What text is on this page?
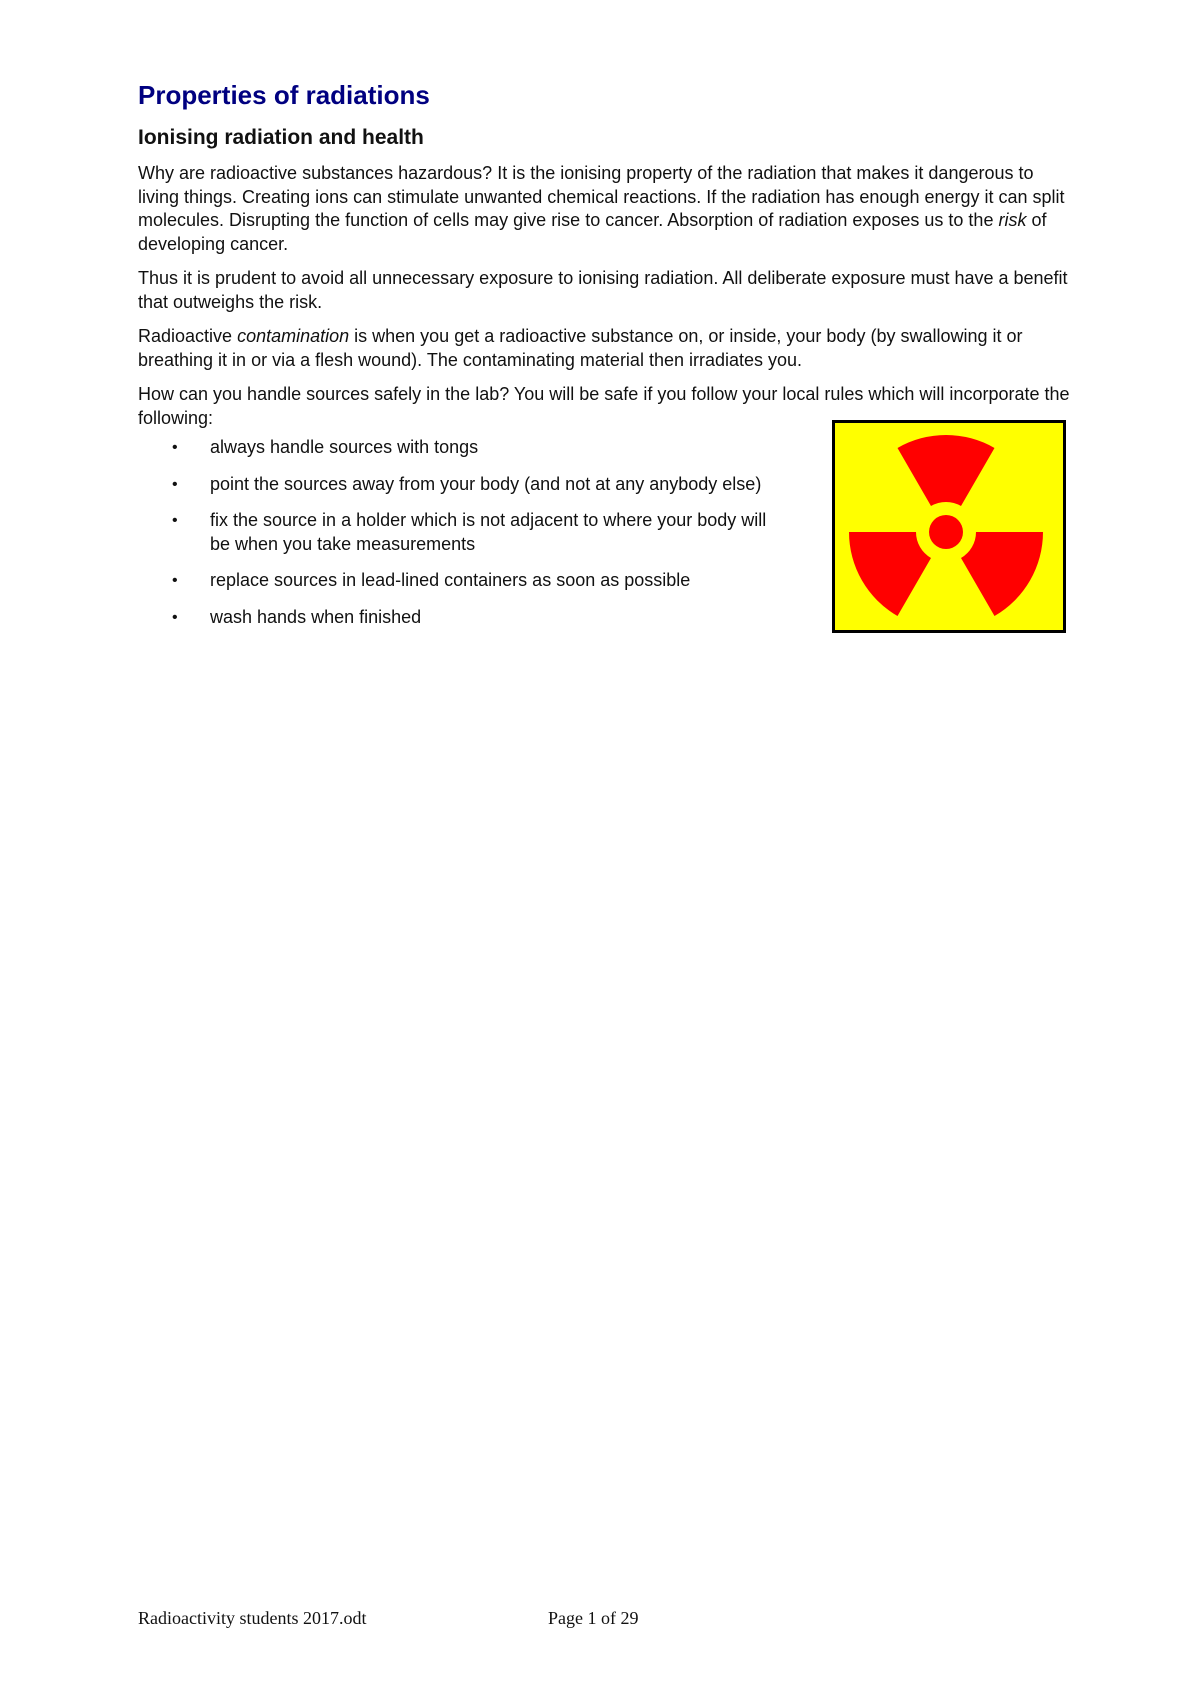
Properties of radiations
Ionising radiation and health

Why are radioactive substances hazardous? It is the ionising property of the radiation that makes it dangerous to living things. Creating ions can stimulate unwanted chemical reactions. If the radiation has enough energy it can split molecules. Disrupting the function of cells may give rise to cancer. Absorption of radiation exposes us to the risk of developing cancer.

Thus it is prudent to avoid all unnecessary exposure to ionising radiation. All deliberate exposure must have a benefit that outweighs the risk.

Radioactive contamination is when you get a radioactive substance on, or inside, your body (by swallowing it or breathing it in or via a flesh wound). The contaminating material then irradiates you.

How can you handle sources safely in the lab? You will be safe if you follow your local rules which will incorporate the following:

• always handle sources with tongs
• point the sources away from your body (and not at any anybody else)
• fix the source in a holder which is not adjacent to where your body will be when you take measurements
• replace sources in lead-lined containers as soon as possible
• wash hands when finished
Radioactivity students 2017.odt	Page 1 of 29
